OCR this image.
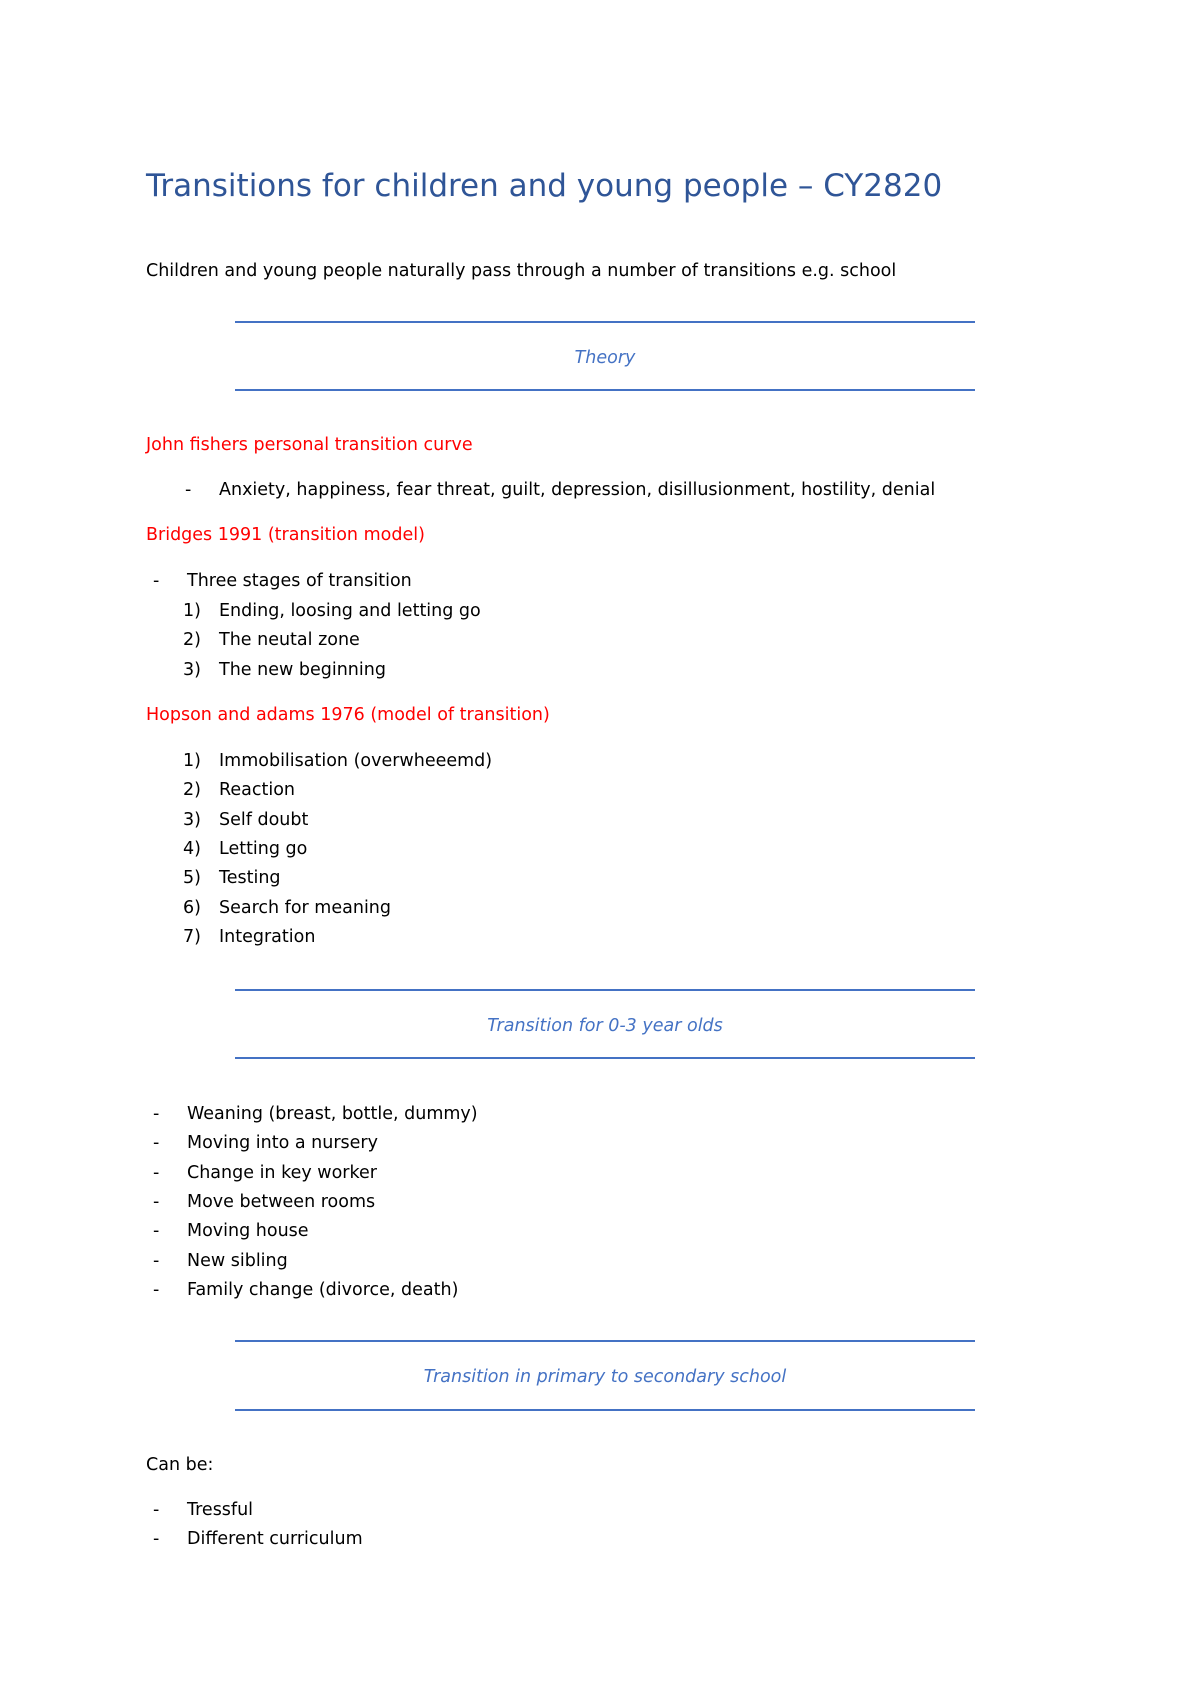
Transitions for children and young people – CY2820
Children and young people naturally pass through a number of transitions e.g. school
Theory
John fishers personal transition curve
- Anxiety, happiness, fear threat, guilt, depression, disillusionment, hostility, denial
Bridges 1991 (transition model)
- Three stages of transition
1) Ending, loosing and letting go
2) The neutal zone
3) The new beginning
Hopson and adams 1976 (model of transition)
1) Immobilisation (overwheeemd)
2) Reaction
3) Self doubt
4) Letting go
5) Testing
6) Search for meaning
7) Integration
Transition for 0-3 year olds
- Weaning (breast, bottle, dummy)
- Moving into a nursery
- Change in key worker
- Move between rooms
- Moving house
- New sibling
- Family change (divorce, death)
Transition in primary to secondary school
Can be:
- Tressful
- Different curriculum
